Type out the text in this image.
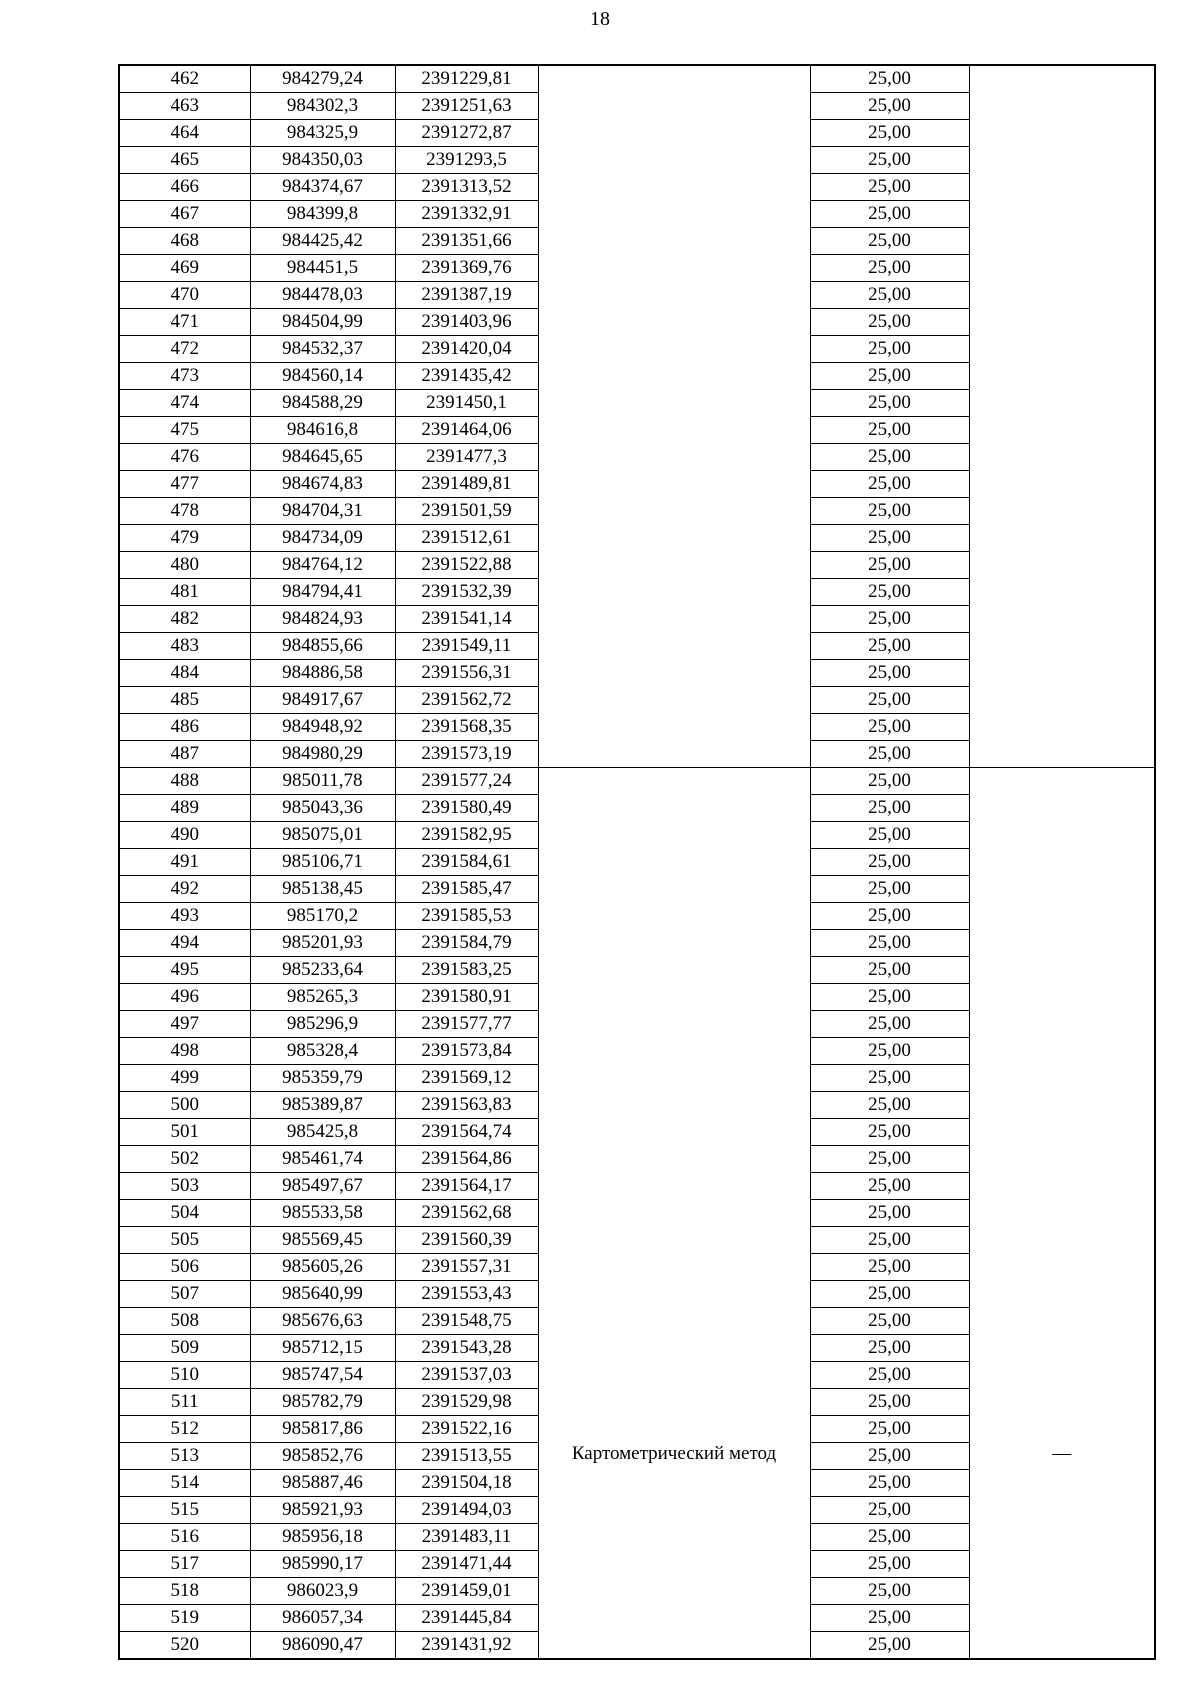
18
462	984279,24	2391229,81		25,00	
463	984302,3	2391251,63		25,00	
464	984325,9	2391272,87		25,00	
465	984350,03	2391293,5		25,00	
466	984374,67	2391313,52		25,00	
467	984399,8	2391332,91		25,00	
468	984425,42	2391351,66		25,00	
469	984451,5	2391369,76		25,00	
470	984478,03	2391387,19		25,00	
471	984504,99	2391403,96		25,00	
472	984532,37	2391420,04		25,00	
473	984560,14	2391435,42		25,00	
474	984588,29	2391450,1		25,00	
475	984616,8	2391464,06		25,00	
476	984645,65	2391477,3		25,00	
477	984674,83	2391489,81		25,00	
478	984704,31	2391501,59		25,00	
479	984734,09	2391512,61		25,00	
480	984764,12	2391522,88		25,00	
481	984794,41	2391532,39		25,00	
482	984824,93	2391541,14		25,00	
483	984855,66	2391549,11		25,00	
484	984886,58	2391556,31		25,00	
485	984917,67	2391562,72		25,00	
486	984948,92	2391568,35		25,00	
487	984980,29	2391573,19		25,00	
488	985011,78	2391577,24	Картометрический метод	25,00	—
489	985043,36	2391580,49		25,00	
490	985075,01	2391582,95		25,00	
491	985106,71	2391584,61		25,00	
492	985138,45	2391585,47		25,00	
493	985170,2	2391585,53		25,00	
494	985201,93	2391584,79		25,00	
495	985233,64	2391583,25		25,00	
496	985265,3	2391580,91		25,00	
497	985296,9	2391577,77		25,00	
498	985328,4	2391573,84		25,00	
499	985359,79	2391569,12		25,00	
500	985389,87	2391563,83		25,00	
501	985425,8	2391564,74		25,00	
502	985461,74	2391564,86		25,00	
503	985497,67	2391564,17		25,00	
504	985533,58	2391562,68		25,00	
505	985569,45	2391560,39		25,00	
506	985605,26	2391557,31		25,00	
507	985640,99	2391553,43		25,00	
508	985676,63	2391548,75		25,00	
509	985712,15	2391543,28		25,00	
510	985747,54	2391537,03		25,00	
511	985782,79	2391529,98		25,00	
512	985817,86	2391522,16		25,00	
513	985852,76	2391513,55		25,00	
514	985887,46	2391504,18		25,00	
515	985921,93	2391494,03		25,00	
516	985956,18	2391483,11		25,00	
517	985990,17	2391471,44		25,00	
518	986023,9	2391459,01		25,00	
519	986057,34	2391445,84		25,00	
520	986090,47	2391431,92		25,00	
